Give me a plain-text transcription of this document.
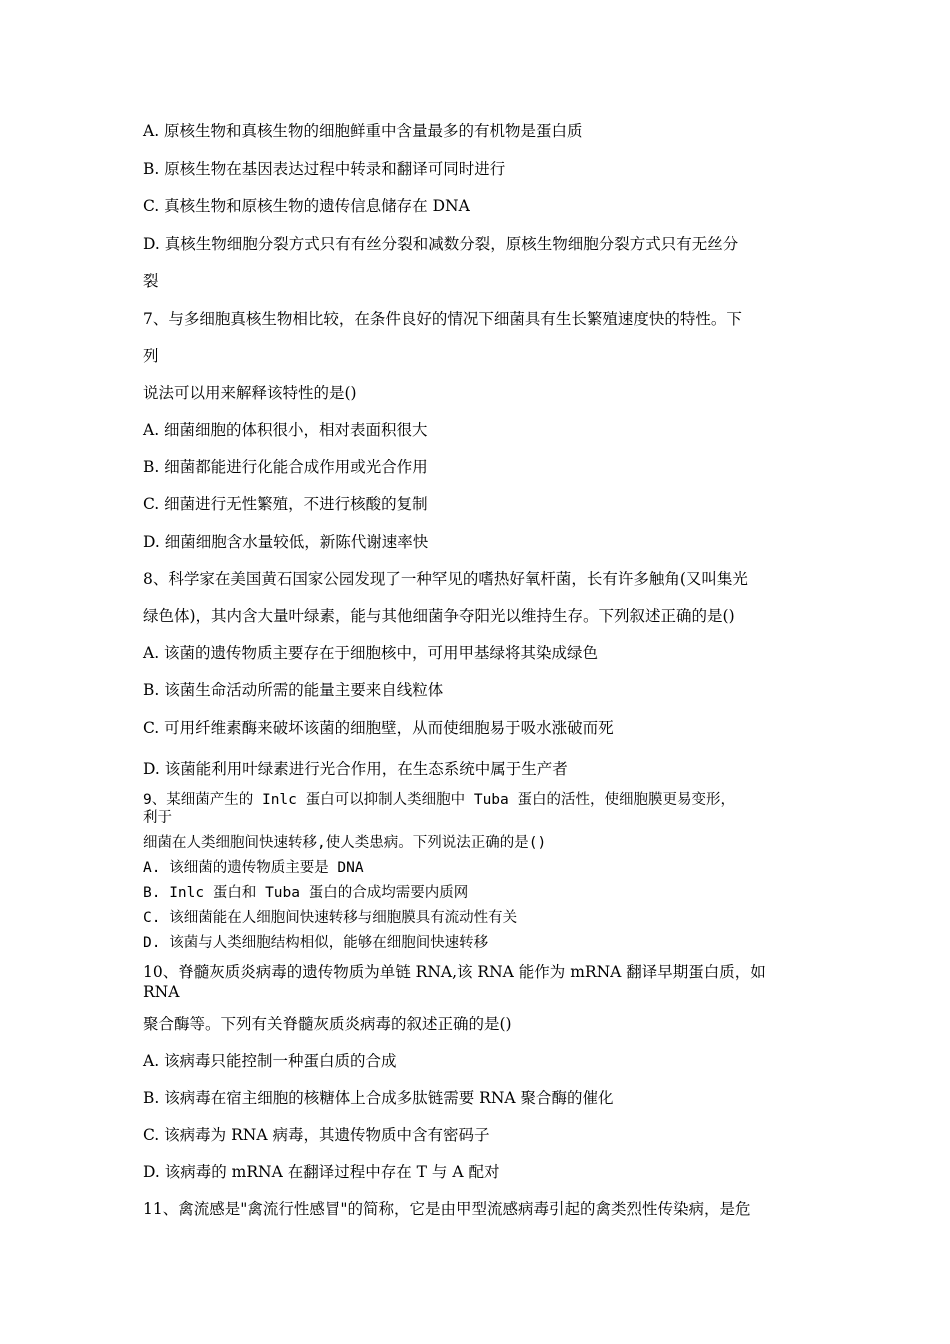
A. 原核生物和真核生物的细胞鲜重中含量最多的有机物是蛋白质
B. 原核生物在基因表达过程中转录和翻译可同时进行
C. 真核生物和原核生物的遗传信息储存在 DNA
D. 真核生物细胞分裂方式只有有丝分裂和减数分裂，原核生物细胞分裂方式只有无丝分
裂
7、与多细胞真核生物相比较，在条件良好的情况下细菌具有生长繁殖速度快的特性。下
列
说法可以用来解释该特性的是()
A. 细菌细胞的体积很小，相对表面积很大
B. 细菌都能进行化能合成作用或光合作用
C. 细菌进行无性繁殖，不进行核酸的复制
D. 细菌细胞含水量较低，新陈代谢速率快
8、科学家在美国黄石国家公园发现了一种罕见的嗜热好氧杆菌，长有许多触角(又叫集光
绿色体)，其内含大量叶绿素，能与其他细菌争夺阳光以维持生存。下列叙述正确的是()
A. 该菌的遗传物质主要存在于细胞核中，可用甲基绿将其染成绿色
B. 该菌生命活动所需的能量主要来自线粒体
C. 可用纤维素酶来破坏该菌的细胞壁，从而使细胞易于吸水涨破而死
D. 该菌能利用叶绿素进行光合作用，在生态系统中属于生产者
9、某细菌产生的 Inlc 蛋白可以抑制人类细胞中 Tuba 蛋白的活性，使细胞膜更易变形，
利于
细菌在人类细胞间快速转移,使人类患病。下列说法正确的是()
A. 该细菌的遗传物质主要是 DNA
B. Inlc 蛋白和 Tuba 蛋白的合成均需要内质网
C. 该细菌能在人细胞间快速转移与细胞膜具有流动性有关
D. 该菌与人类细胞结构相似，能够在细胞间快速转移
10、脊髓灰质炎病毒的遗传物质为单链 RNA,该 RNA 能作为 mRNA 翻译早期蛋白质，如
RNA
聚合酶等。下列有关脊髓灰质炎病毒的叙述正确的是()
A. 该病毒只能控制一种蛋白质的合成
B. 该病毒在宿主细胞的核糖体上合成多肽链需要 RNA 聚合酶的催化
C. 该病毒为 RNA 病毒，其遗传物质中含有密码子
D. 该病毒的 mRNA 在翻译过程中存在 T 与 A 配对
11、禽流感是"禽流行性感冒"的简称，它是由甲型流感病毒引起的禽类烈性传染病，是危
